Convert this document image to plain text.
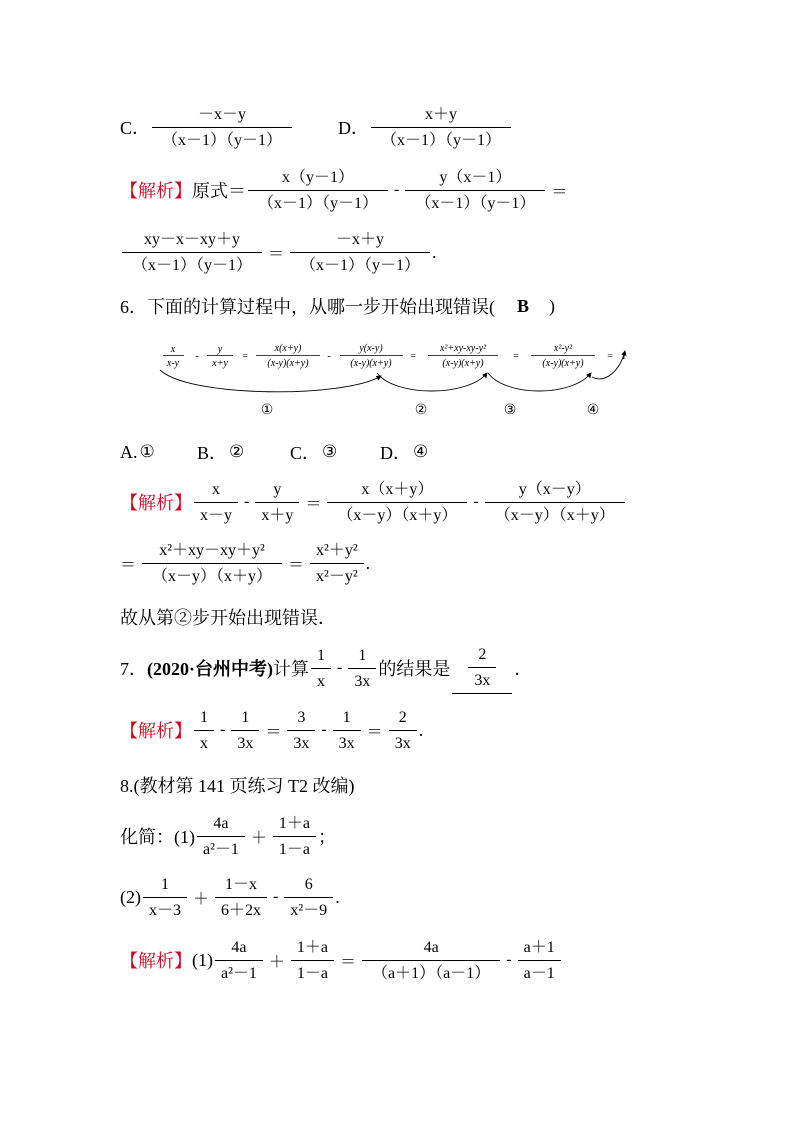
C． $\frac{-x-y}{(x-1)(y-1)}$	D． $\frac{x+y}{(x-1)(y-1)}$
【解析】 原式＝ $\frac{x(y-1)}{(x-1)(y-1)} - \frac{y(x-1)}{(x-1)(y-1)}$ ＝
$\frac{xy-x-xy+y}{(x-1)(y-1)} = \frac{-x+y}{(x-1)(y-1)}$ .
6．下面的计算过程中，从哪一步开始出现错误( B )
x
x-y
-
y
x+y
=
x(x+y)
(x-y)(x+y)
-
y(x-y)
(x-y)(x+y)
=
x²+xy-xy-y²
(x-y)(x+y)
=
x²-y²
(x-y)(x+y)
= 1
①	②	③	④
A. ① B． ②	C． ③ D． ④
【解析】 $\frac{x}{x-y} - \frac{y}{x+y} = \frac{x(x+y)}{(x-y)(x+y)} - \frac{y(x-y)}{(x-y)(x+y)}$
＝ $\frac{\text{x²＋xy－xy＋y²}}{(x-y)(x+y)} = \frac{\text{x²＋y²}}{\text{x²－y²}}$ .
故从第②步开始出现错误．
7． (2020·台州中考) 计算 $\frac{1}{x} - \frac{1}{3x}$ 的结果是 $\frac{2}{3x}$ ．
【解析】 $\frac{1}{x} - \frac{1}{3x} = \frac{3}{3x} - \frac{1}{3x} = \frac{2}{3x}$ .
8.(教材第 141 页练习 T2 改编)
化简：$(1) \frac{4a}{\text{a²－1}} + \frac{1+a}{1-a}$ ；
$(2) \frac{1}{x-3} + \frac{1-x}{6+2x} - \frac{6}{\text{x²－9}}$ .
【解析】 $(1) \frac{4a}{\text{a²－1}} + \frac{1+a}{1-a} = \frac{4a}{(a+1)(a-1)} - \frac{a+1}{a-1}$
